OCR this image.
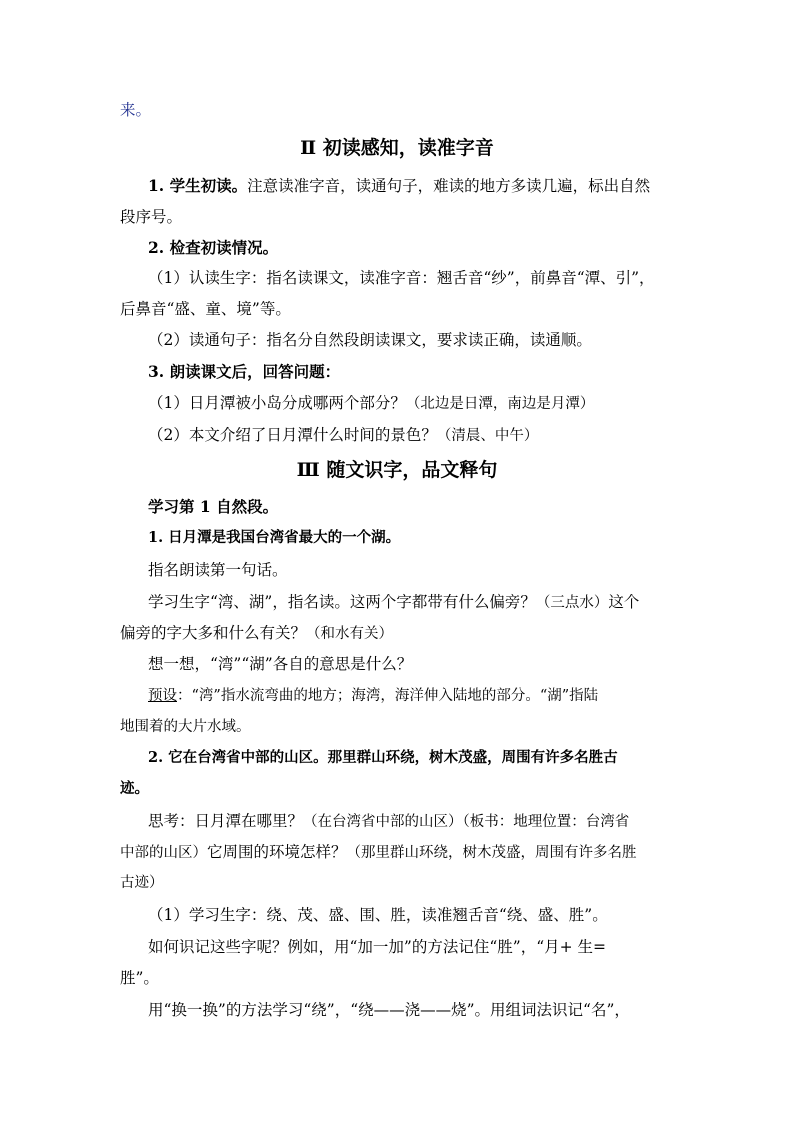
来。
Ⅱ 初读感知，读准字音
1. 学生初读。注意读准字音，读通句子，难读的地方多读几遍，标出自然
段序号。
2. 检查初读情况。
（1）认读生字：指名读课文，读准字音：翘舌音“纱”，前鼻音“潭、引”，
后鼻音“盛、童、境”等。
（2）读通句子：指名分自然段朗读课文，要求读正确，读通顺。
3. 朗读课文后，回答问题：
（1）日月潭被小岛分成哪两个部分？（北边是日潭，南边是月潭）
（2）本文介绍了日月潭什么时间的景色？（清晨、中午）
Ⅲ 随文识字，品文释句
学习第 1 自然段。
1. 日月潭是我国台湾省最大的一个湖。
指名朗读第一句话。
学习生字“湾、湖”，指名读。这两个字都带有什么偏旁？（三点水）这个
偏旁的字大多和什么有关？（和水有关）
想一想，“湾”“湖”各自的意思是什么？
预设：“湾”指水流弯曲的地方；海湾，海洋伸入陆地的部分。“湖”指陆
地围着的大片水域。
2. 它在台湾省中部的山区。那里群山环绕，树木茂盛，周围有许多名胜古
迹。
思考：日月潭在哪里？（在台湾省中部的山区）（板书：地理位置：台湾省
中部的山区）它周围的环境怎样？（那里群山环绕，树木茂盛，周围有许多名胜
古迹）
（1）学习生字：绕、茂、盛、围、胜，读准翘舌音“绕、盛、胜”。
如何识记这些字呢？例如，用“加一加”的方法记住“胜”，“月+ 生=
胜”。
用“换一换”的方法学习“绕”，“绕——浇——烧”。用组词法识记“名”，
